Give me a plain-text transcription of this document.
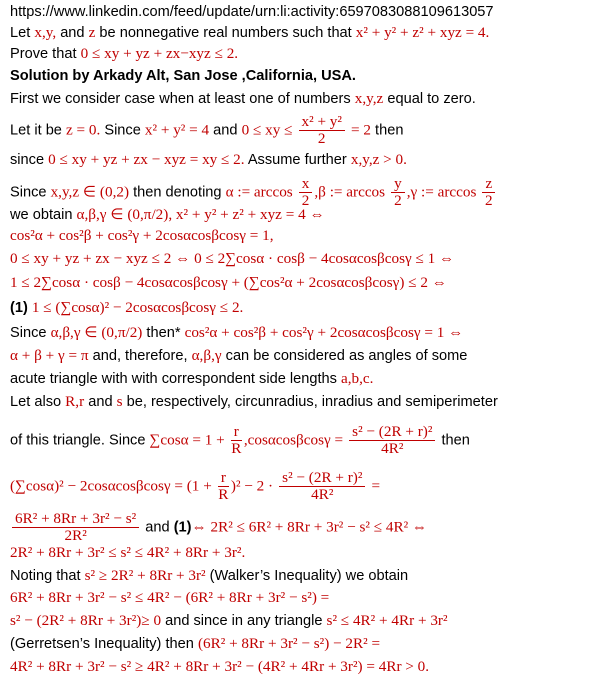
https://www.linkedin.com/feed/update/urn:li:activity:6597083088109613057
Let x,y, and z be nonnegative real numbers such that x² + y² + z² + xyz = 4.
Prove that 0 ≤ xy + yz + zx−xyz ≤ 2.
Solution by Arkady Alt, San Jose ,California, USA.
First we consider case when at least one of numbers x,y,z equal to zero.
Let it be z = 0. Since x² + y² = 4 and 0 ≤ xy ≤ $\frac{\text{x² + y²}}{2} = 2$ then
since 0 ≤ xy + yz + zx − xyz = xy ≤ 2. Assume further x,y,z > 0.
Since x,y,z ∈ (0,2) then denoting α := $\arccos \frac{x}{2} ,\beta$ := $\arccos \frac{y}{2} ,\gamma$ := $\arccos \frac{z}{2}$
we obtain α,β,γ ∈ (0,π/2), x² + y² + z² + xyz = 4 ⇔
cos²α + cos²β + cos²γ + 2cosαcosβcosγ = 1,
0 ≤ xy + yz + zx − xyz ≤ 2 ⇔ 0 ≤ 2∑cosα · cosβ − 4cosαcosβcosγ ≤ 1 ⇔
1 ≤ 2∑cosα · cosβ − 4cosαcosβcosγ + (∑cos²α + 2cosαcosβcosγ) ≤ 2 ⇔
(1) 1 ≤ (∑cosα)² − 2cosαcosβcosγ ≤ 2.
Since α,β,γ ∈ (0,π/2) then* cos²α + cos²β + cos²γ + 2cosαcosβcosγ = 1 ⇔
α + β + γ = π and, therefore, α,β,γ can be considered as angles of some
acute triangle with with correspondent side lengths a,b,c.
Let also R,r and s be, respectively, circunradius, inradius and semiperimeter
of this triangle. Since $\sum\cos\alpha = 1 + \frac{r}{R} ,\cos\alpha\cos\beta\cos\gamma = \frac{\text{s² − (2R + r)²}}{\text{4R²}}$ then
$(\sum\cos\alpha)^2 - 2\cos\alpha\cos\beta\cos\gamma = (1 + \frac{r}{R} )^2 - 2 \cdot \frac{\text{s² − (2R + r)²}}{\text{4R²}}$ =
$\frac{\text{6R² + 8Rr + 3r² − s²}}{\text{2R²}}$ and (1)⇔ 2R² ≤ 6R² + 8Rr + 3r² − s² ≤ 4R² ⇔
2R² + 8Rr + 3r² ≤ s² ≤ 4R² + 8Rr + 3r².
Noting that s² ≥ 2R² + 8Rr + 3r² (Walker’s Inequality) we obtain
6R² + 8Rr + 3r² − s² ≤ 4R² − (6R² + 8Rr + 3r² − s²) =
s² − (2R² + 8Rr + 3r²)≥ 0 and since in any triangle s² ≤ 4R² + 4Rr + 3r²
(Gerretsen’s Inequality) then (6R² + 8Rr + 3r² − s²) − 2R² =
4R² + 8Rr + 3r² − s² ≥ 4R² + 8Rr + 3r² − (4R² + 4Rr + 3r²) = 4Rr > 0.
